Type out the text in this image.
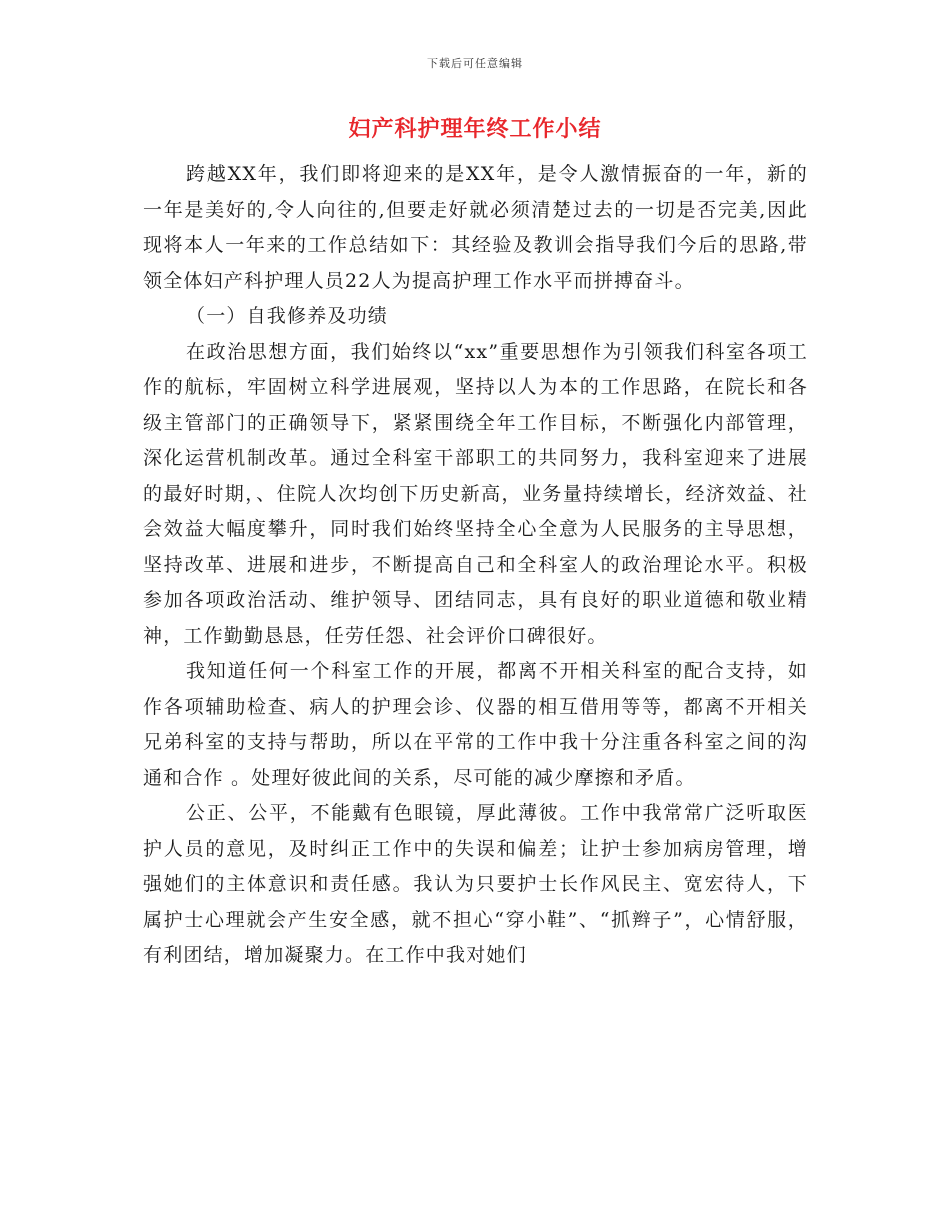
下载后可任意编辑
妇产科护理年终工作小结

跨越XX年，我们即将迎来的是XX年，是令人激情振奋的一年，新的一年是美好的,令人向往的,但要走好就必须清楚过去的一切是否完美,因此现将本人一年来的工作总结如下：其经验及教训会指导我们今后的思路,带领全体妇产科护理人员22人为提高护理工作水平而拼搏奋斗。

（一）自我修养及功绩

在政治思想方面，我们始终以“xx”重要思想作为引领我们科室各项工作的航标，牢固树立科学进展观，坚持以人为本的工作思路，在院长和各级主管部门的正确领导下，紧紧围绕全年工作目标，不断强化内部管理，深化运营机制改革。通过全科室干部职工的共同努力，我科室迎来了进展的最好时期，、住院人次均创下历史新高，业务量持续增长，经济效益、社会效益大幅度攀升，同时我们始终坚持全心全意为人民服务的主导思想，坚持改革、进展和进步，不断提高自己和全科室人的政治理论水平。积极参加各项政治活动、维护领导、团结同志，具有良好的职业道德和敬业精神，工作勤勤恳恳，任劳任怨、社会评价口碑很好。

我知道任何一个科室工作的开展，都离不开相关科室的配合支持，如作各项辅助检查、病人的护理会诊、仪器的相互借用等等，都离不开相关兄弟科室的支持与帮助，所以在平常的工作中我十分注重各科室之间的沟通和合作 。处理好彼此间的关系，尽可能的减少摩擦和矛盾。

公正、公平，不能戴有色眼镜，厚此薄彼。工作中我常常广泛听取医护人员的意见，及时纠正工作中的失误和偏差；让护士参加病房管理，增强她们的主体意识和责任感。我认为只要护士长作风民主、宽宏待人，下属护士心理就会产生安全感，就不担心“穿小鞋”、“抓辫子”，心情舒服，有利团结，增加凝聚力。在工作中我对她们
